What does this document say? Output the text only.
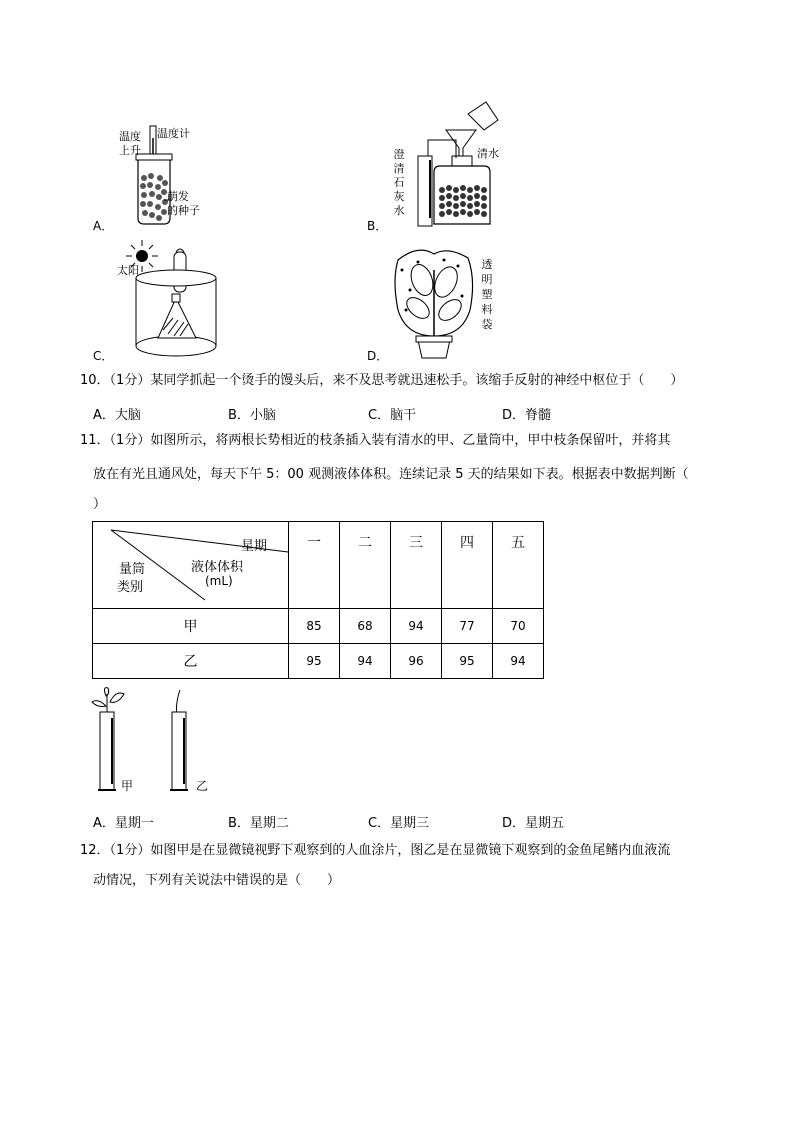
温度计
温度
上升
萌发
的种子
A．
澄
清
石
灰
水
清水
B．
太阳
C．
透
明
塑
料
袋
D．
10．（1分）某同学抓起一个烫手的馒头后，来不及思考就迅速松手。该缩手反射的神经中枢位于（　　）
A．大脑	B．小脑	C．脑干	D．脊髓
11．（1分）如图所示，将两根长势相近的枝条插入装有清水的甲、乙量筒中，甲中枝条保留叶，并将其
放在有光且通风处，每天下午 5：00 观测液体体积。连续记录 5 天的结果如下表。根据表中数据判断（
）
星期
液体体积
(mL)
量筒
类别	一	二	三	四	五
甲	85	68	94	77	70
乙	95	94	96	95	94
甲	乙
A．星期一	B．星期二	C．星期三	D．星期五
12．（1分）如图甲是在显微镜视野下观察到的人血涂片，图乙是在显微镜下观察到的金鱼尾鳍内血液流
动情况，下列有关说法中错误的是（　　）
